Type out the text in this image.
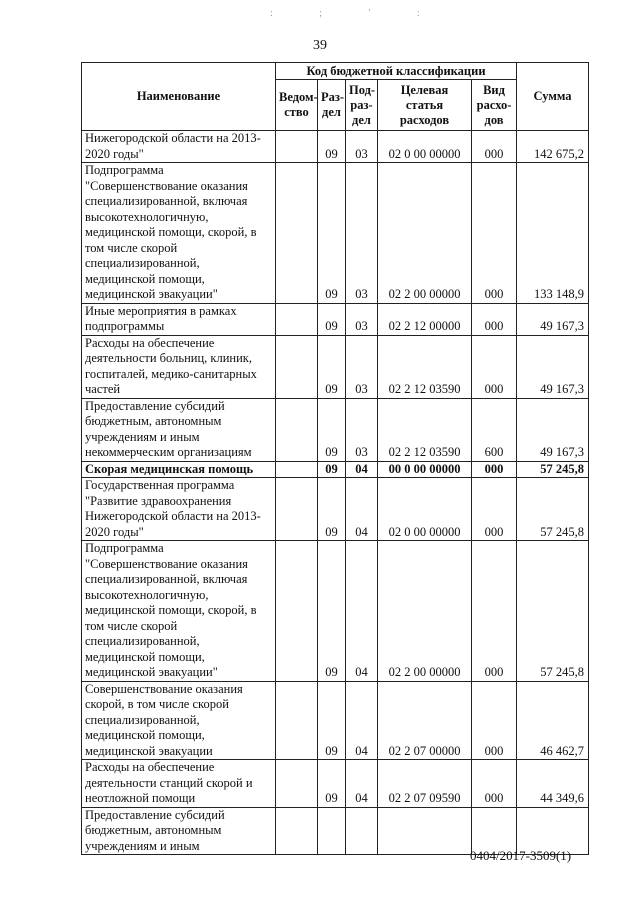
: ; ' :
39
Наименование	Код бюджетной классификации					Сумма
	Ведом-ство	Раз-дел	Под-раз-дел	Целевая статья расходов	Вид расхо-дов	
Нижегородской области на 2013-2020 годы"		09	03	02 0 00 00000	000	142 675,2
Подпрограмма "Совершенствование оказания специализированной, включая высокотехнологичную, медицинской помощи, скорой, в том числе скорой специализированной, медицинской помощи, медицинской эвакуации"		09	03	02 2 00 00000	000	133 148,9
Иные мероприятия в рамках подпрограммы		09	03	02 2 12 00000	000	49 167,3
Расходы на обеспечение деятельности больниц, клиник, госпиталей, медико-санитарных частей		09	03	02 2 12 03590	000	49 167,3
Предоставление субсидий бюджетным, автономным учреждениям и иным некоммерческим организациям		09	03	02 2 12 03590	600	49 167,3
Скорая медицинская помощь		09	04	00 0 00 00000	000	57 245,8
Государственная программа "Развитие здравоохранения Нижегородской области на 2013-2020 годы"		09	04	02 0 00 00000	000	57 245,8
Подпрограмма "Совершенствование оказания специализированной, включая высокотехнологичную, медицинской помощи, скорой, в том числе скорой специализированной, медицинской помощи, медицинской эвакуации"		09	04	02 2 00 00000	000	57 245,8
Совершенствование оказания скорой, в том числе скорой специализированной, медицинской помощи, медицинской эвакуации		09	04	02 2 07 00000	000	46 462,7
Расходы на обеспечение деятельности станций скорой и неотложной помощи		09	04	02 2 07 09590	000	44 349,6
Предоставление субсидий бюджетным, автономным учреждениям и иным						
0404/2017-3509(1)
